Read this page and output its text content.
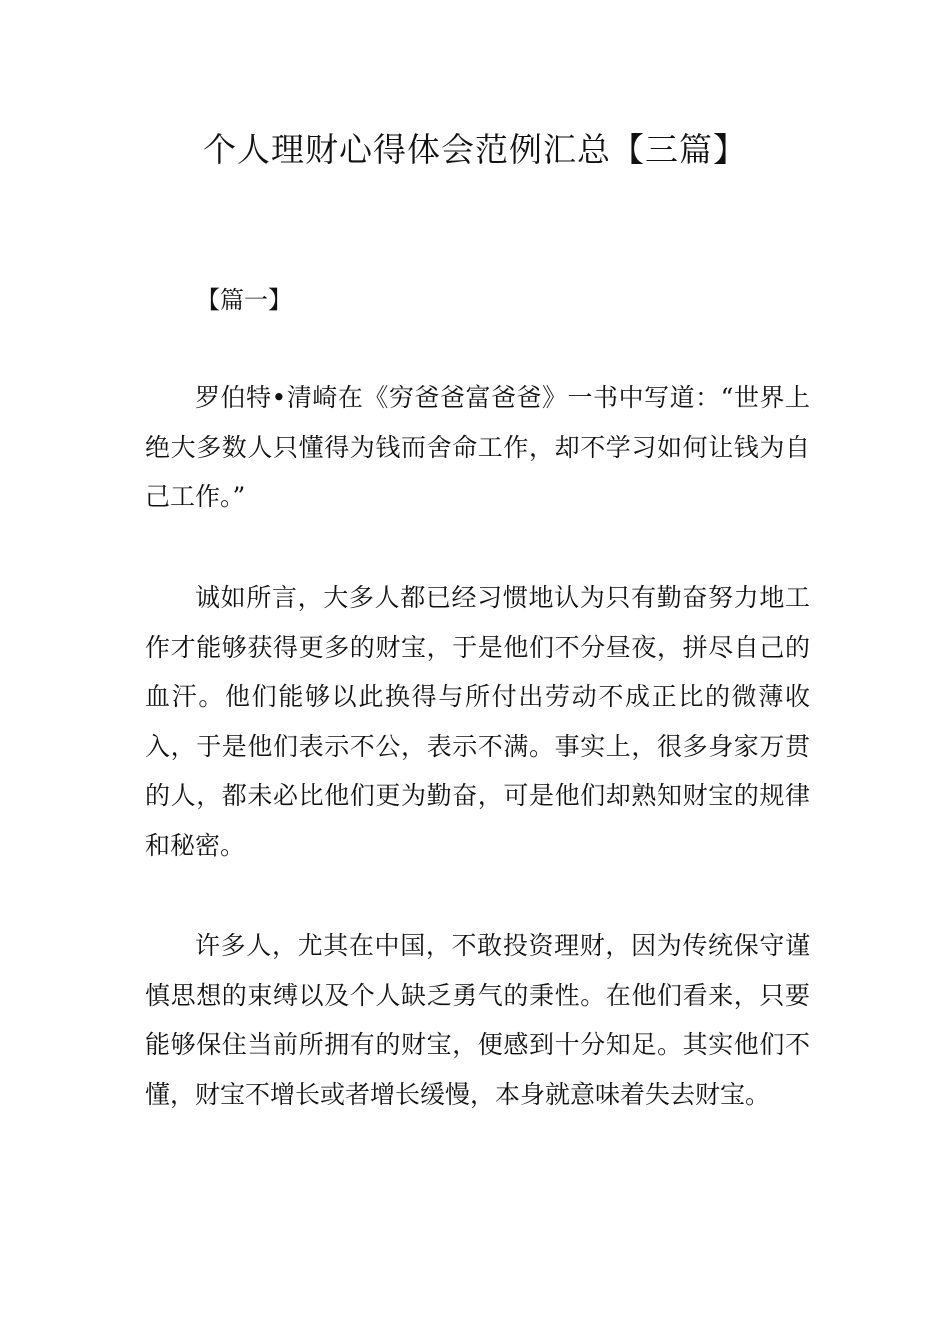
个人理财心得体会范例汇总【三篇】
【篇一】

罗伯特•清崎在《穷爸爸富爸爸》一书中写道：“世界上绝大多数人只懂得为钱而舍命工作，却不学习如何让钱为自己工作。”

诚如所言，大多人都已经习惯地认为只有勤奋努力地工作才能够获得更多的财宝，于是他们不分昼夜，拼尽自己的血汗。他们能够以此换得与所付出劳动不成正比的微薄收入，于是他们表示不公，表示不满。事实上，很多身家万贯的人，都未必比他们更为勤奋，可是他们却熟知财宝的规律和秘密。

许多人，尤其在中国，不敢投资理财，因为传统保守谨慎思想的束缚以及个人缺乏勇气的秉性。在他们看来，只要能够保住当前所拥有的财宝，便感到十分知足。其实他们不懂，财宝不增长或者增长缓慢，本身就意味着失去财宝。
